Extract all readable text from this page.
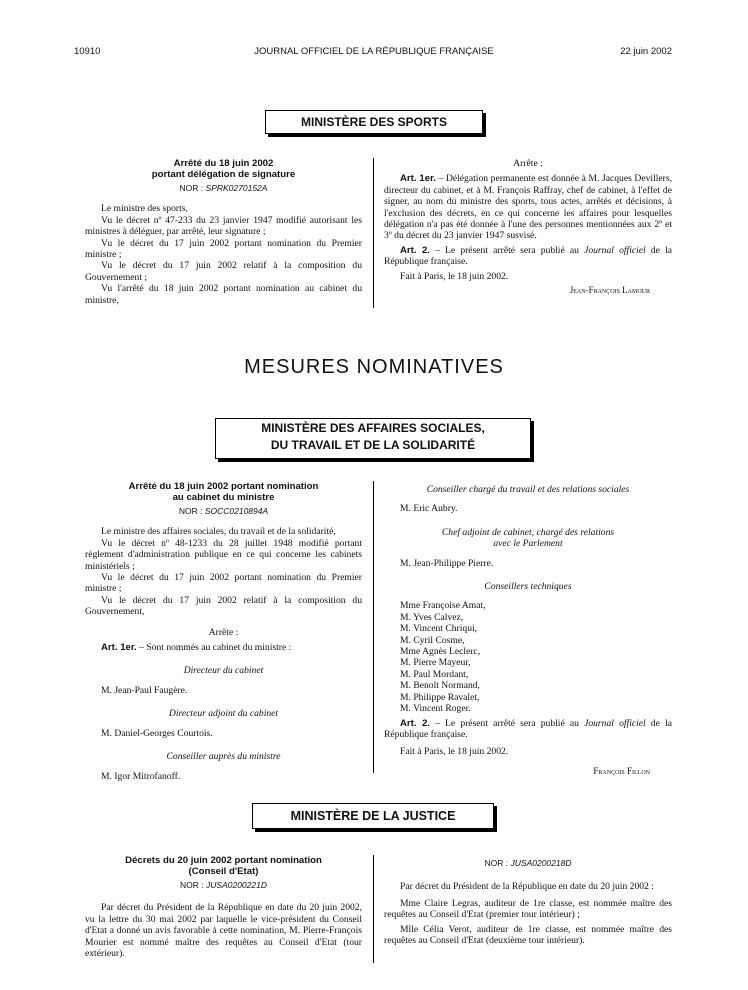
10910	JOURNAL OFFICIEL DE LA RÉPUBLIQUE FRANÇAISE	22 juin 2002
MINISTÈRE DES SPORTS
Arrêté du 18 juin 2002
portant délégation de signature
NOR : SPRK0270152A

Le ministre des sports,

Vu le décret nº 47-233 du 23 janvier 1947 modifié autorisant les ministres à déléguer, par arrêté, leur signature ;

Vu le décret du 17 juin 2002 portant nomination du Premier ministre ;

Vu le décret du 17 juin 2002 relatif à la composition du Gouvernement ;

Vu l'arrêté du 18 juin 2002 portant nomination au cabinet du ministre,

Arrête :

Art. 1er. – Délégation permanente est donnée à M. Jacques Devillers, directeur du cabinet, et à M. François Raffray, chef de cabinet, à l'effet de signer, au nom du ministre des sports, tous actes, arrêtés et décisions, à l'exclusion des décrets, en ce qui concerne les affaires pour lesquelles délégation n'a pas été donnée à l'une des personnes mentionnées aux 2º et 3º du décret du 23 janvier 1947 susvisé.

Art. 2. – Le présent arrêté sera publié au Journal officiel de la République française.

Fait à Paris, le 18 juin 2002.

Jean-François Lamour

MESURES NOMINATIVES
MINISTÈRE DES AFFAIRES SOCIALES,
DU TRAVAIL ET DE LA SOLIDARITÉ
Arrêté du 18 juin 2002 portant nomination
au cabinet du ministre
NOR : SOCC0210894A

Le ministre des affaires sociales, du travail et de la solidarité,

Vu le décret nº 48-1233 du 28 juillet 1948 modifié portant règlement d'administration publique en ce qui concerne les cabinets ministériels ;

Vu le décret du 17 juin 2002 portant nomination du Premier ministre ;

Vu le décret du 17 juin 2002 relatif à la composition du Gouvernement,

Arrête :

Art. 1er. – Sont nommés au cabinet du ministre :

Directeur du cabinet

M. Jean-Paul Faugère.

Directeur adjoint du cabinet

M. Daniel-Georges Courtois.

Conseiller auprès du ministre

M. Igor Mitrofanoff.

Conseiller chargé du travail et des relations sociales

M. Eric Aubry.

Chef adjoint de cabinet, chargé des relations

avec le Parlement

M. Jean-Philippe Pierre.

Conseillers techniques

Mme Françoise Amat,

M. Yves Calvez,

M. Vincent Chriqui,

M. Cyril Cosme,

Mme Agnès Leclerc,

M. Pierre Mayeur,

M. Paul Mordant,

M. Benoît Normand,

M. Philippe Ravalet,

M. Vincent Roger.

Art. 2. – Le présent arrêté sera publié au Journal officiel de la République française.

Fait à Paris, le 18 juin 2002.

François Fillon

MINISTÈRE DE LA JUSTICE
Décrets du 20 juin 2002 portant nomination
(Conseil d'Etat)
NOR : JUSA0200221D

Par décret du Président de la République en date du 20 juin 2002, vu la lettre du 30 mai 2002 par laquelle le vice-président du Conseil d'Etat a donné un avis favorable à cette nomination, M. Pierre-François Mourier est nommé maître des requêtes au Conseil d'Etat (tour extérieur).

NOR : JUSA0200218D

Par décret du Président de la République en date du 20 juin 2002 :

Mme Claire Legras, auditeur de 1re classe, est nommée maître des requêtes au Conseil d'Etat (premier tour intérieur) ;

Mlle Célia Verot, auditeur de 1re classe, est nommée maître des requêtes au Conseil d'Etat (deuxième tour intérieur).
